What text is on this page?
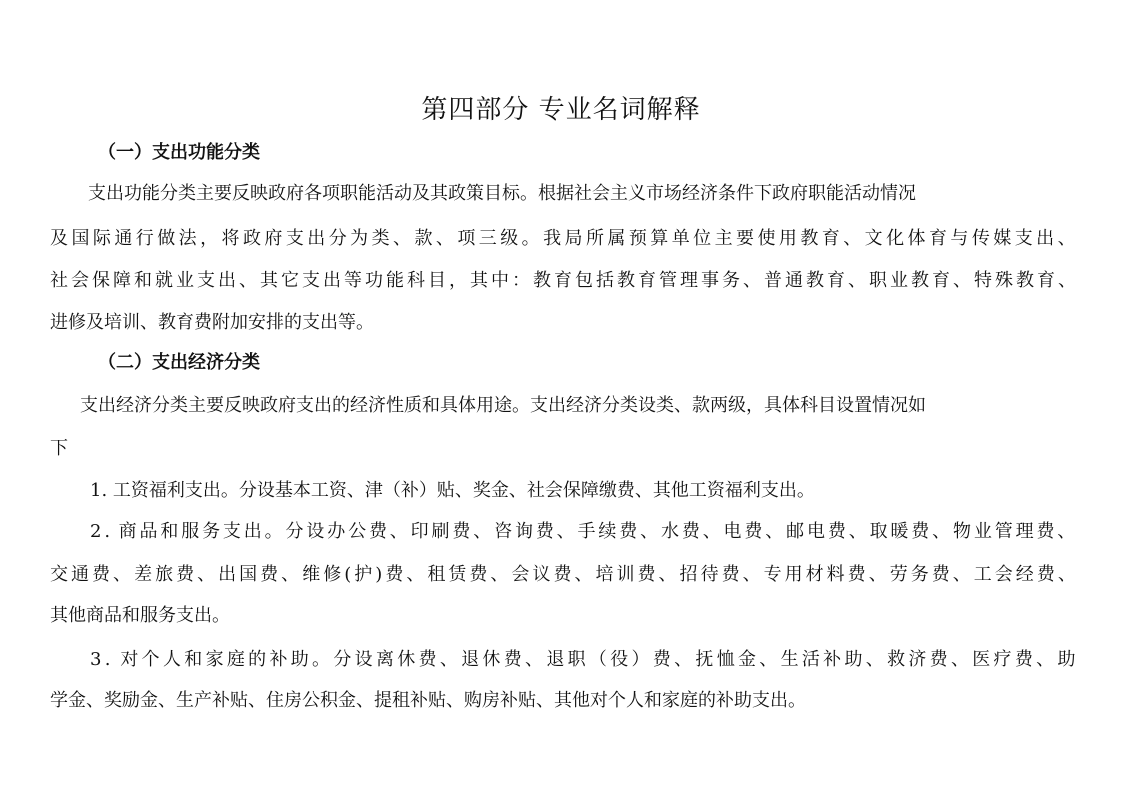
第四部分 专业名词解释
（一）支出功能分类
支出功能分类主要反映政府各项职能活动及其政策目标。根据社会主义市场经济条件下政府职能活动情况
及 国 际 通 行 做 法 ， 将 政 府 支 出 分 为 类 、 款 、 项 三 级 。 我 局 所 属 预 算 单 位 主 要 使 用 教 育 、 文 化 体 育 与 传 媒 支 出 、
社 会 保 障 和 就 业 支 出 、 其 它 支 出 等 功 能 科 目 ， 其 中 ： 教 育 包 括 教 育 管 理 事 务 、 普 通 教 育 、 职 业 教 育 、 特 殊 教 育 、
进修及培训、教育费附加安排的支出等。
（二）支出经济分类
支出经济分类主要反映政府支出的经济性质和具体用途。支出经济分类设类、款两级，具体科目设置情况如
下
1. 工资福利支出。分设基本工资、津（补）贴、奖金、社会保障缴费、其他工资福利支出。
2 . 商 品 和 服 务 支 出 。 分 设 办 公 费 、 印 刷 费 、 咨 询 费 、 手 续 费 、 水 费 、 电 费 、 邮 电 费 、 取 暖 费 、 物 业 管 理 费 、
交 通 费 、 差 旅 费 、 出 国 费 、 维 修 ( 护 ) 费 、 租 赁 费 、 会 议 费 、 培 训 费 、 招 待 费 、 专 用 材 料 费 、 劳 务 费 、 工 会 经 费 、
其他商品和服务支出。
3 . 对 个 人 和 家 庭 的 补 助 。 分 设 离 休 费 、 退 休 费 、 退 职 （ 役 ） 费 、 抚 恤 金 、 生 活 补 助 、 救 济 费 、 医 疗 费 、 助
学金、奖励金、生产补贴、住房公积金、提租补贴、购房补贴、其他对个人和家庭的补助支出。
